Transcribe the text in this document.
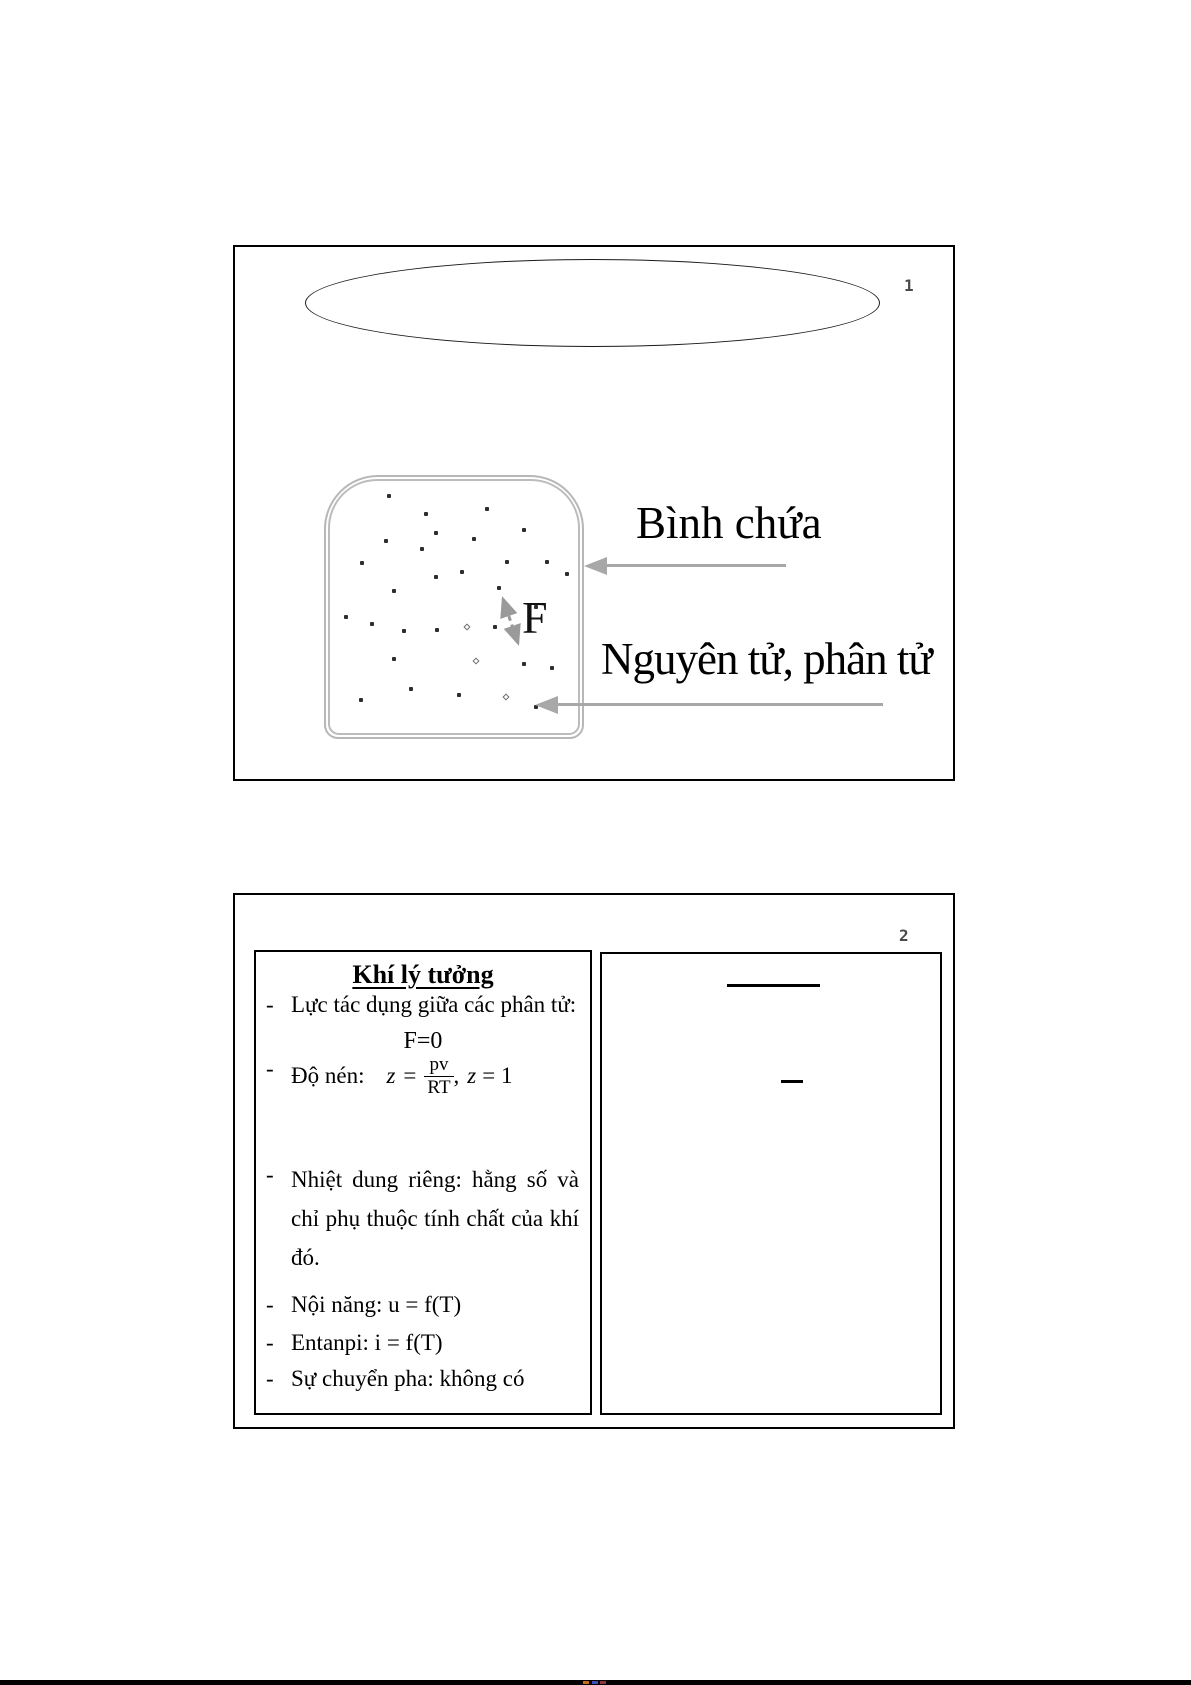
1
F
Bình chứa
Nguyên tử, phân tử
2
Khí lý tưởng
- Lực tác dụng giữa các phân tử:
F=0
- Độ nén: $z = \frac{pv}{RT}$ , z = 1
- Nhiệt dung riêng: hằng số và chỉ phụ thuộc tính chất của khí đó.
- Nội năng: u = f(T)
- Entanpi: i = f(T)
- Sự chuyển pha: không có
